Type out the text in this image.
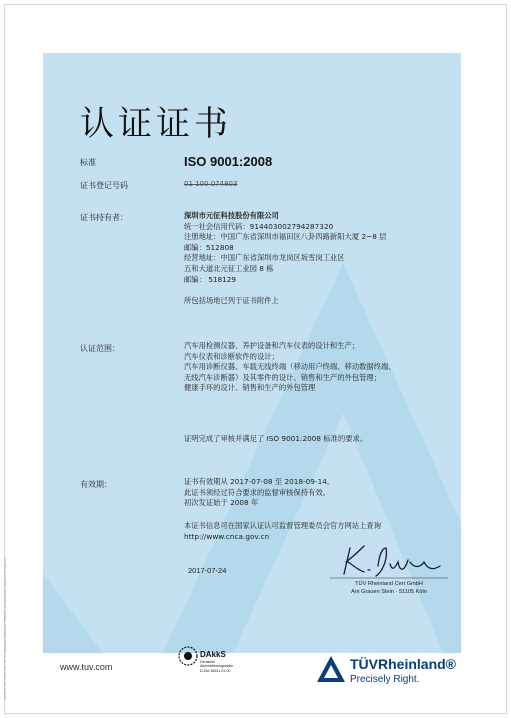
认证证书
标准	ISO 9001:2008
证书登记号码	01 100 074803
证书持有者：	深圳市元征科技股份有限公司
统一社会信用代码：914403002794287320
注册地址：中国广东省深圳市福田区八卦四路新阳大厦 2~8 层
邮编：512808
经营地址：中国广东省深圳市龙岗区坂雪岗工业区
五和大道北元征工业园 8 栋
邮编： 518129
所包括场地已列于证书附件上
认证范围：	汽车用检测仪器、养护设备和汽车仪表的设计和生产；
汽车仪表和诊断软件的设计；
汽车用诊断仪器、车载无线终端（移动用户终端、移动数据终端、
无线汽车诊断器）及其零件的设计、销售和生产的外包管理；
健康手环的设计、销售和生产的外包管理
证明完成了审核并满足了 ISO 9001:2008 标准的要求。
有效期：	证书有效期从 2017-07-08 至 2018-09-14。
此证书须经过符合要求的监督审核保持有效。
初次发证始于 2008 年
本证书信息可在国家认证认可监督管理委员会官方网站上查询
http://www.cnca.gov.cn
2017-07-24
TÜV Rheinland Cert GmbH
Am Grauen Stein · 51105 Köln
www.tuv.com
DAkkS
Deutsche
Akkreditierungsstelle
D-ZM-16031-01-00	TÜVRheinland®
Precisely Right.
10/221 ® TÜV, TUEV and TUV are registered trademarks. Utilisation and application requires prior approval.
